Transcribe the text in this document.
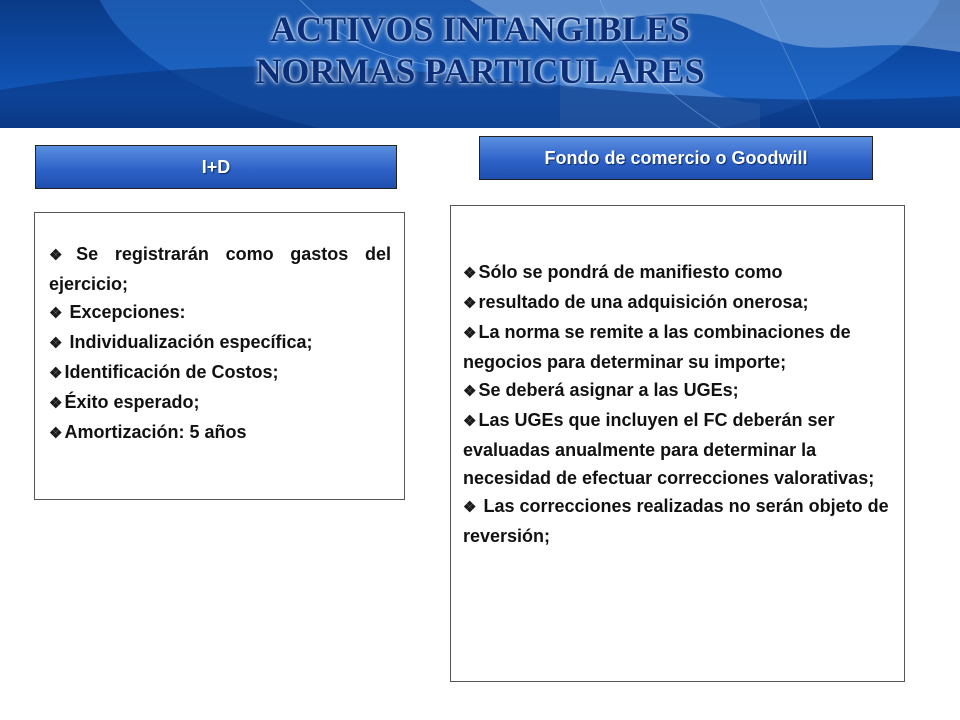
ACTIVOS INTANGIBLES
NORMAS PARTICULARES
I+D	Fondo de comercio o Goodwill
❖ Se registrarán como gastos del ejercicio;
❖ Excepciones:
❖ Individualización específica;
❖ Identificación de Costos;
❖ Éxito esperado;
❖ Amortización: 5 años
❖ Sólo se pondrá de manifiesto como
❖ resultado de una adquisición onerosa;
❖ La norma se remite a las combinaciones de negocios para determinar su importe;
❖ Se deberá asignar a las UGEs;
❖ Las UGEs que incluyen el FC deberán ser evaluadas anualmente para determinar la necesidad de efectuar correcciones valorativas;
❖ Las correcciones realizadas no serán objeto de reversión;
